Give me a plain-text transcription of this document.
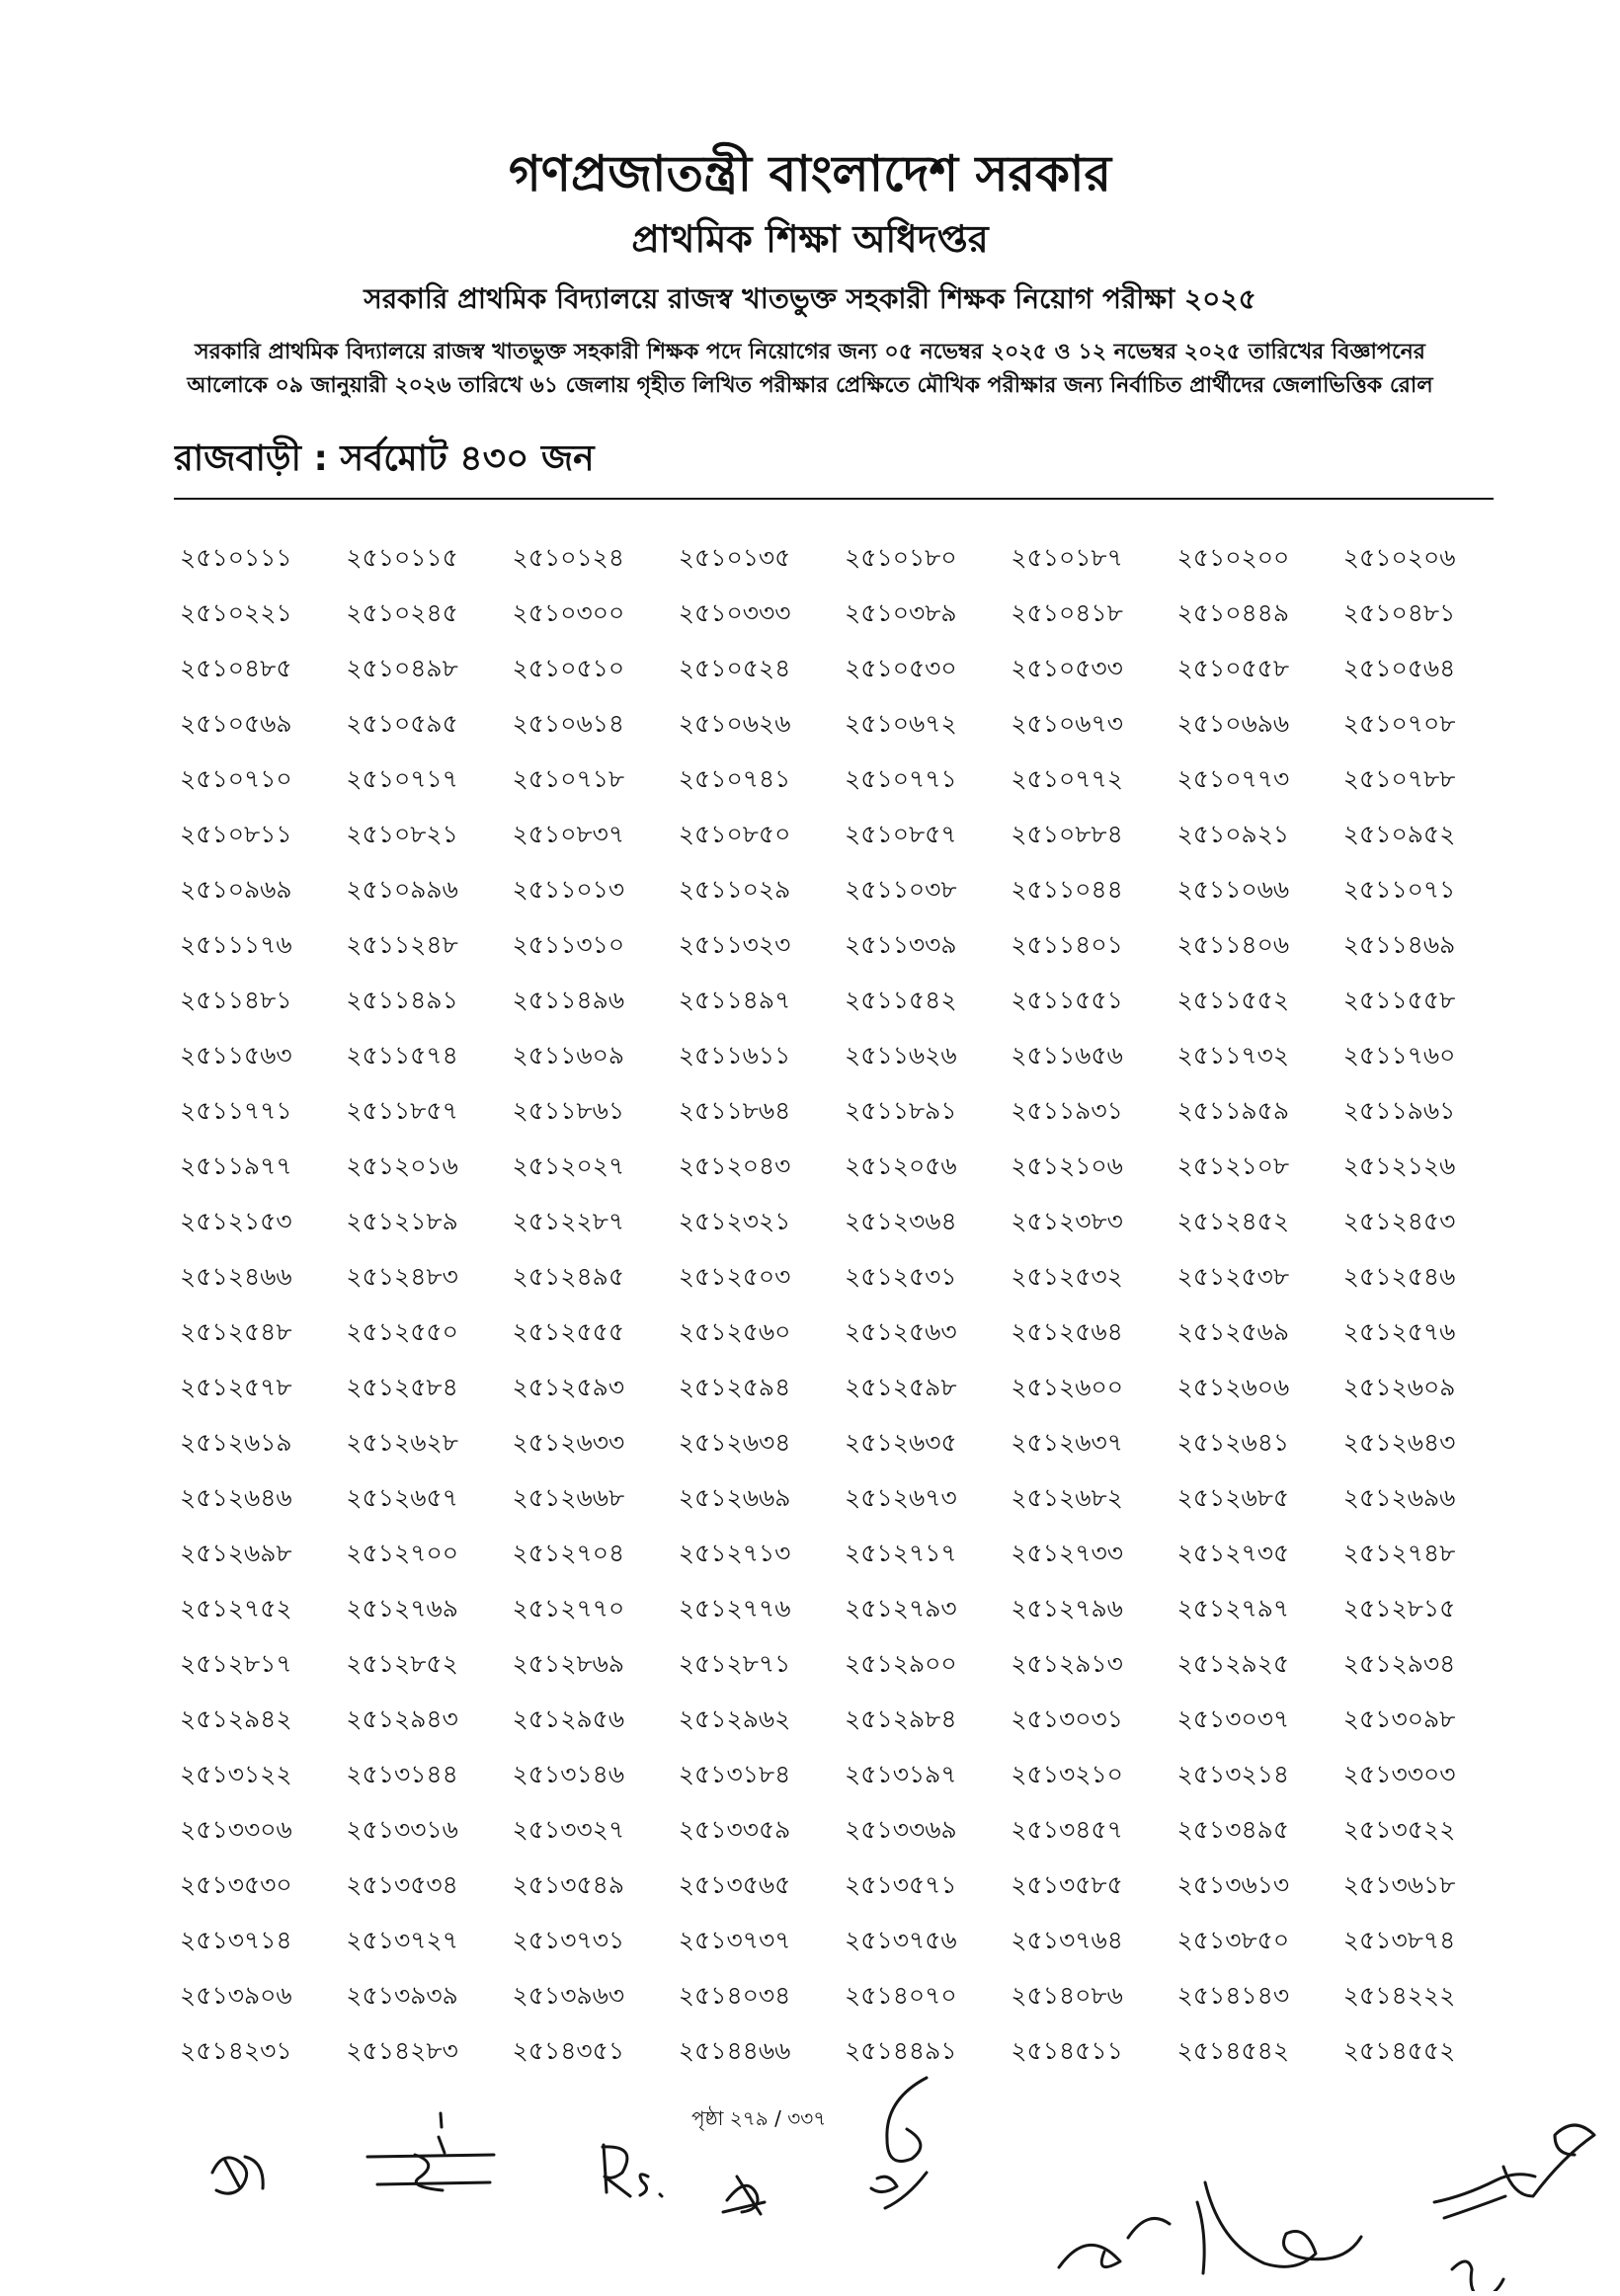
গণপ্রজাতন্ত্রী বাংলাদেশ সরকার
প্রাথমিক শিক্ষা অধিদপ্তর
সরকারি প্রাথমিক বিদ্যালয়ে রাজস্ব খাতভুক্ত সহকারী শিক্ষক নিয়োগ পরীক্ষা ২০২৫
সরকারি প্রাথমিক বিদ্যালয়ে রাজস্ব খাতভুক্ত সহকারী শিক্ষক পদে নিয়োগের জন্য ০৫ নভেম্বর ২০২৫ ও ১২ নভেম্বর ২০২৫ তারিখের বিজ্ঞাপনের
আলোকে ০৯ জানুয়ারী ২০২৬ তারিখে ৬১ জেলায় গৃহীত লিখিত পরীক্ষার প্রেক্ষিতে মৌখিক পরীক্ষার জন্য নির্বাচিত প্রার্থীদের জেলাভিত্তিক রোল
রাজবাড়ী : সর্বমোট ৪৩০ জন
২৫১০১১১	২৫১০১১৫	২৫১০১২৪	২৫১০১৩৫	২৫১০১৮০	২৫১০১৮৭	২৫১০২০০	২৫১০২০৬
২৫১০২২১	২৫১০২৪৫	২৫১০৩০০	২৫১০৩৩৩	২৫১০৩৮৯	২৫১০৪১৮	২৫১০৪৪৯	২৫১০৪৮১
২৫১০৪৮৫	২৫১০৪৯৮	২৫১০৫১০	২৫১০৫২৪	২৫১০৫৩০	২৫১০৫৩৩	২৫১০৫৫৮	২৫১০৫৬৪
২৫১০৫৬৯	২৫১০৫৯৫	২৫১০৬১৪	২৫১০৬২৬	২৫১০৬৭২	২৫১০৬৭৩	২৫১০৬৯৬	২৫১০৭০৮
২৫১০৭১০	২৫১০৭১৭	২৫১০৭১৮	২৫১০৭৪১	২৫১০৭৭১	২৫১০৭৭২	২৫১০৭৭৩	২৫১০৭৮৮
২৫১০৮১১	২৫১০৮২১	২৫১০৮৩৭	২৫১০৮৫০	২৫১০৮৫৭	২৫১০৮৮৪	২৫১০৯২১	২৫১০৯৫২
২৫১০৯৬৯	২৫১০৯৯৬	২৫১১০১৩	২৫১১০২৯	২৫১১০৩৮	২৫১১০৪৪	২৫১১০৬৬	২৫১১০৭১
২৫১১১৭৬	২৫১১২৪৮	২৫১১৩১০	২৫১১৩২৩	২৫১১৩৩৯	২৫১১৪০১	২৫১১৪০৬	২৫১১৪৬৯
২৫১১৪৮১	২৫১১৪৯১	২৫১১৪৯৬	২৫১১৪৯৭	২৫১১৫৪২	২৫১১৫৫১	২৫১১৫৫২	২৫১১৫৫৮
২৫১১৫৬৩	২৫১১৫৭৪	২৫১১৬০৯	২৫১১৬১১	২৫১১৬২৬	২৫১১৬৫৬	২৫১১৭৩২	২৫১১৭৬০
২৫১১৭৭১	২৫১১৮৫৭	২৫১১৮৬১	২৫১১৮৬৪	২৫১১৮৯১	২৫১১৯৩১	২৫১১৯৫৯	২৫১১৯৬১
২৫১১৯৭৭	২৫১২০১৬	২৫১২০২৭	২৫১২০৪৩	২৫১২০৫৬	২৫১২১০৬	২৫১২১০৮	২৫১২১২৬
২৫১২১৫৩	২৫১২১৮৯	২৫১২২৮৭	২৫১২৩২১	২৫১২৩৬৪	২৫১২৩৮৩	২৫১২৪৫২	২৫১২৪৫৩
২৫১২৪৬৬	২৫১২৪৮৩	২৫১২৪৯৫	২৫১২৫০৩	২৫১২৫৩১	২৫১২৫৩২	২৫১২৫৩৮	২৫১২৫৪৬
২৫১২৫৪৮	২৫১২৫৫০	২৫১২৫৫৫	২৫১২৫৬০	২৫১২৫৬৩	২৫১২৫৬৪	২৫১২৫৬৯	২৫১২৫৭৬
২৫১২৫৭৮	২৫১২৫৮৪	২৫১২৫৯৩	২৫১২৫৯৪	২৫১২৫৯৮	২৫১২৬০০	২৫১২৬০৬	২৫১২৬০৯
২৫১২৬১৯	২৫১২৬২৮	২৫১২৬৩৩	২৫১২৬৩৪	২৫১২৬৩৫	২৫১২৬৩৭	২৫১২৬৪১	২৫১২৬৪৩
২৫১২৬৪৬	২৫১২৬৫৭	২৫১২৬৬৮	২৫১২৬৬৯	২৫১২৬৭৩	২৫১২৬৮২	২৫১২৬৮৫	২৫১২৬৯৬
২৫১২৬৯৮	২৫১২৭০০	২৫১২৭০৪	২৫১২৭১৩	২৫১২৭১৭	২৫১২৭৩৩	২৫১২৭৩৫	২৫১২৭৪৮
২৫১২৭৫২	২৫১২৭৬৯	২৫১২৭৭০	২৫১২৭৭৬	২৫১২৭৯৩	২৫১২৭৯৬	২৫১২৭৯৭	২৫১২৮১৫
২৫১২৮১৭	২৫১২৮৫২	২৫১২৮৬৯	২৫১২৮৭১	২৫১২৯০০	২৫১২৯১৩	২৫১২৯২৫	২৫১২৯৩৪
২৫১২৯৪২	২৫১২৯৪৩	২৫১২৯৫৬	২৫১২৯৬২	২৫১২৯৮৪	২৫১৩০৩১	২৫১৩০৩৭	২৫১৩০৯৮
২৫১৩১২২	২৫১৩১৪৪	২৫১৩১৪৬	২৫১৩১৮৪	২৫১৩১৯৭	২৫১৩২১০	২৫১৩২১৪	২৫১৩৩০৩
২৫১৩৩০৬	২৫১৩৩১৬	২৫১৩৩২৭	২৫১৩৩৫৯	২৫১৩৩৬৯	২৫১৩৪৫৭	২৫১৩৪৯৫	২৫১৩৫২২
২৫১৩৫৩০	২৫১৩৫৩৪	২৫১৩৫৪৯	২৫১৩৫৬৫	২৫১৩৫৭১	২৫১৩৫৮৫	২৫১৩৬১৩	২৫১৩৬১৮
২৫১৩৭১৪	২৫১৩৭২৭	২৫১৩৭৩১	২৫১৩৭৩৭	২৫১৩৭৫৬	২৫১৩৭৬৪	২৫১৩৮৫০	২৫১৩৮৭৪
২৫১৩৯০৬	২৫১৩৯৩৯	২৫১৩৯৬৩	২৫১৪০৩৪	২৫১৪০৭০	২৫১৪০৮৬	২৫১৪১৪৩	২৫১৪২২২
২৫১৪২৩১	২৫১৪২৮৩	২৫১৪৩৫১	২৫১৪৪৬৬	২৫১৪৪৯১	২৫১৪৫১১	২৫১৪৫৪২	২৫১৪৫৫২
পৃষ্ঠা ২৭৯ / ৩৩৭
